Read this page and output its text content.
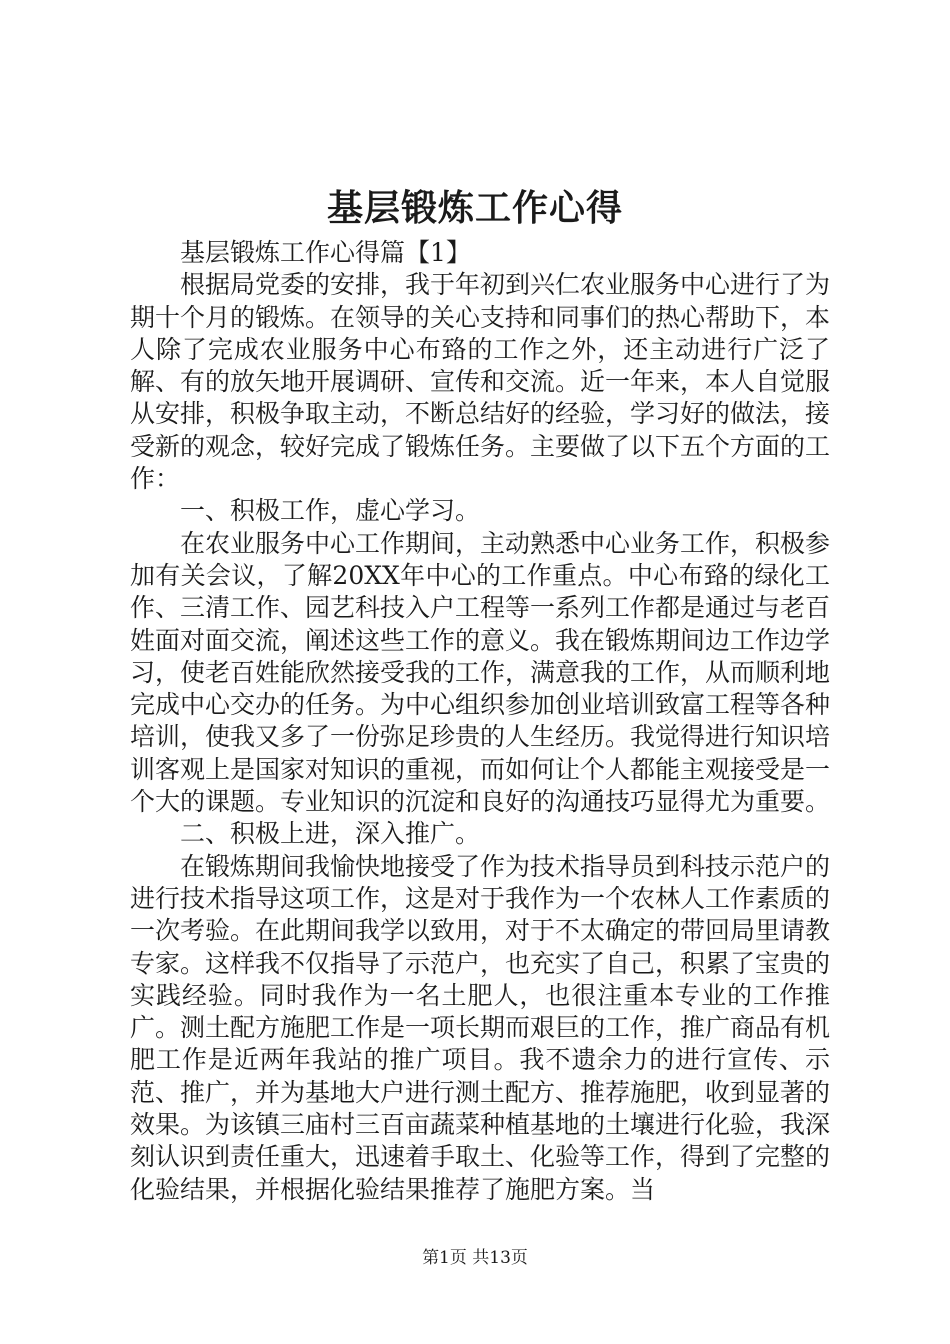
基层锻炼工作心得

基层锻炼工作心得篇【1】

根据局党委的安排，我于年初到兴仁农业服务中心进行了为期十个月的锻炼。在领导的关心支持和同事们的热心帮助下，本人除了完成农业服务中心布臵的工作之外，还主动进行广泛了解、有的放矢地开展调研、宣传和交流。近一年来，本人自觉服从安排，积极争取主动，不断总结好的经验，学习好的做法，接受新的观念，较好完成了锻炼任务。主要做了以下五个方面的工作：

一、积极工作，虚心学习。

在农业服务中心工作期间，主动熟悉中心业务工作，积极参加有关会议，了解20XX年中心的工作重点。中心布臵的绿化工作、三清工作、园艺科技入户工程等一系列工作都是通过与老百姓面对面交流，阐述这些工作的意义。我在锻炼期间边工作边学习，使老百姓能欣然接受我的工作，满意我的工作，从而顺利地完成中心交办的任务。为中心组织参加创业培训致富工程等各种培训，使我又多了一份弥足珍贵的人生经历。我觉得进行知识培训客观上是国家对知识的重视，而如何让个人都能主观接受是一个大的课题。专业知识的沉淀和良好的沟通技巧显得尤为重要。

二、积极上进，深入推广。

在锻炼期间我愉快地接受了作为技术指导员到科技示范户的进行技术指导这项工作，这是对于我作为一个农林人工作素质的一次考验。在此期间我学以致用，对于不太确定的带回局里请教专家。这样我不仅指导了示范户，也充实了自己，积累了宝贵的实践经验。同时我作为一名土肥人，也很注重本专业的工作推广。测土配方施肥工作是一项长期而艰巨的工作，推广商品有机肥工作是近两年我站的推广项目。我不遗余力的进行宣传、示范、推广，并为基地大户进行测土配方、推荐施肥，收到显著的效果。为该镇三庙村三百亩蔬菜种植基地的土壤进行化验，我深刻认识到责任重大，迅速着手取土、化验等工作，得到了完整的化验结果，并根据化验结果推荐了施肥方案。当

第1页 共13页
